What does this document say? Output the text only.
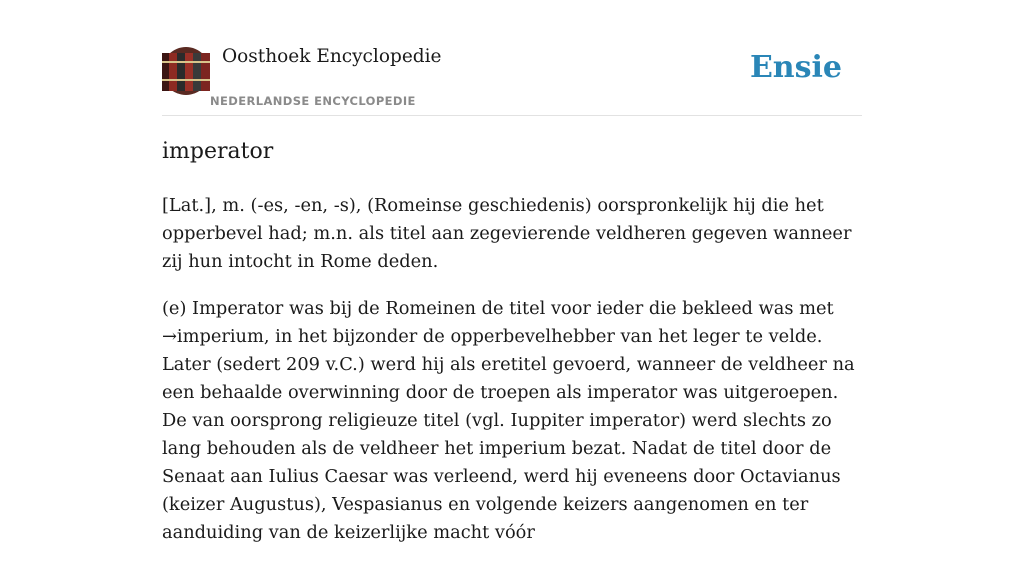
Oosthoek Encyclopedie
NEDERLANDSE ENCYCLOPEDIE
Ensie
imperator

[Lat.], m. (-es, -en, -s), (Romeinse geschiedenis) oorspronkelijk hij die het opperbevel had; m.n. als titel aan zegevierende veldheren gegeven wanneer zij hun intocht in Rome deden.

(e) Imperator was bij de Romeinen de titel voor ieder die bekleed was met →imperium, in het bijzonder de opperbevelhebber van het leger te velde. Later (sedert 209 v.C.) werd hij als eretitel gevoerd, wanneer de veldheer na een behaalde overwinning door de troepen als imperator was uitgeroepen. De van oorsprong religieuze titel (vgl. Iuppiter imperator) werd slechts zo lang behouden als de veldheer het imperium bezat. Nadat de titel door de Senaat aan Iulius Caesar was verleend, werd hij eveneens door Octavianus (keizer Augustus), Vespasianus en volgende keizers aangenomen en ter aanduiding van de keizerlijke macht vóór
